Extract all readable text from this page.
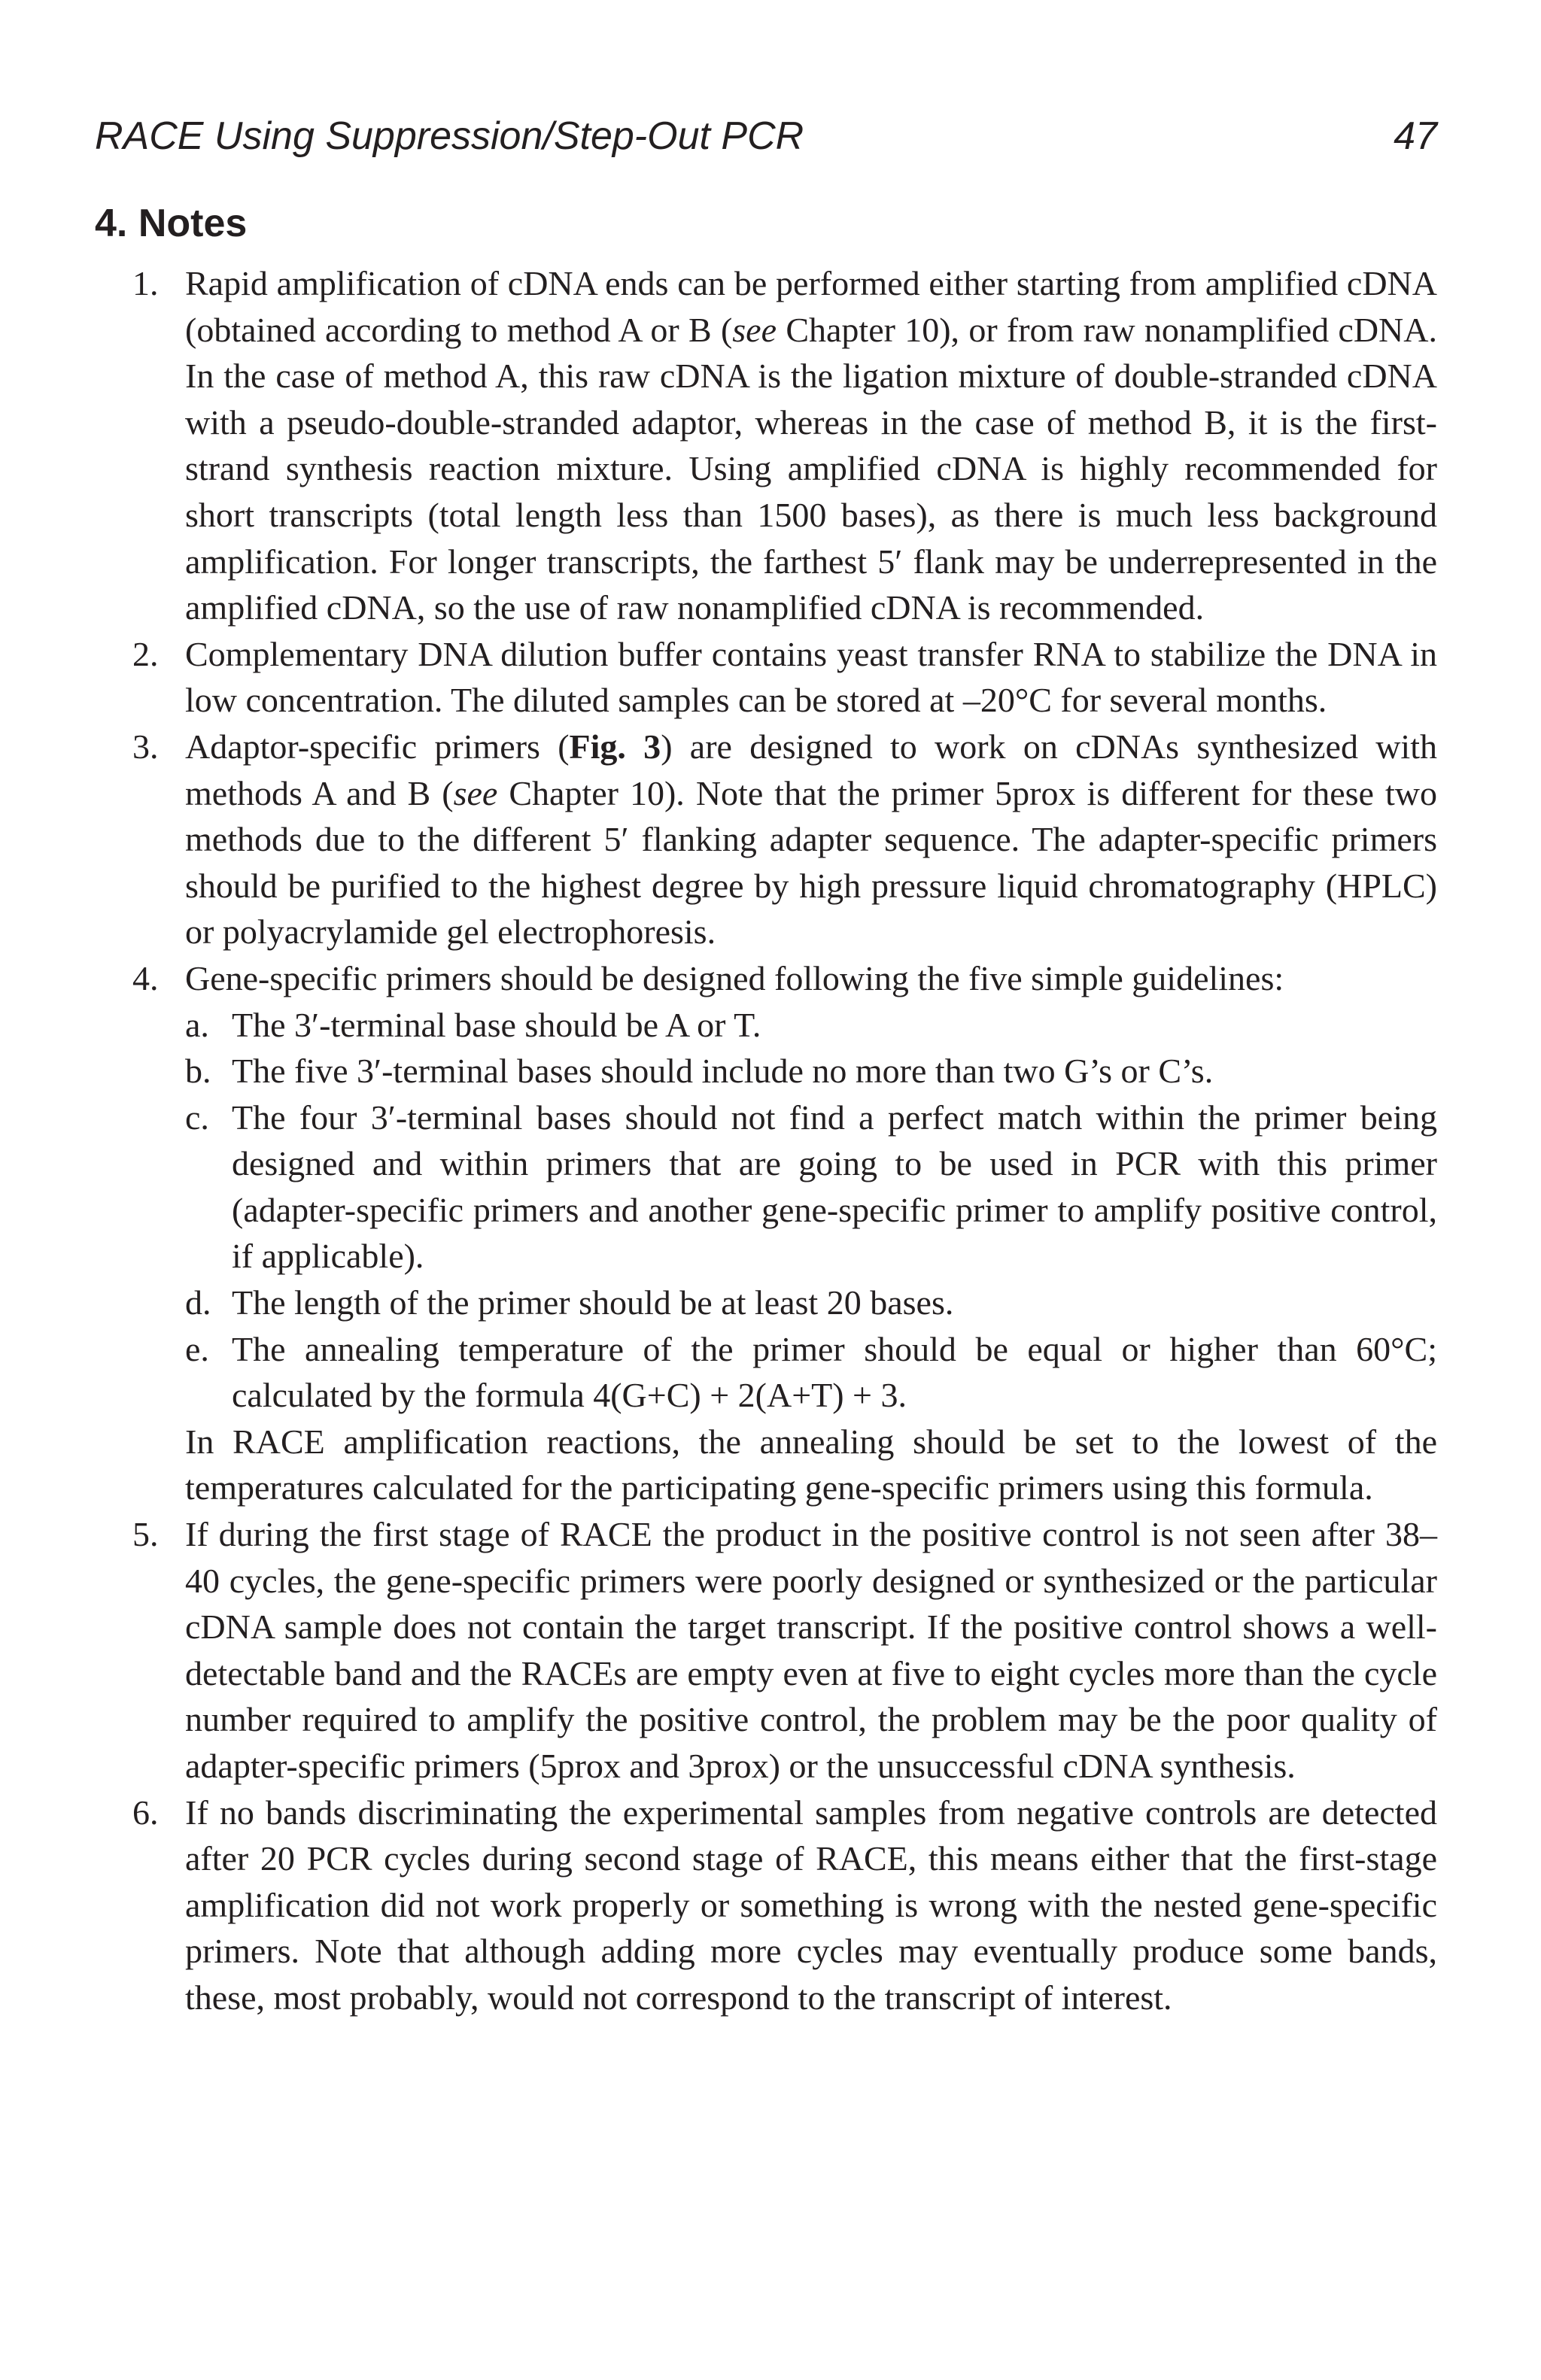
RACE Using Suppression/Step-Out PCR	47
4. Notes
1. Rapid amplification of cDNA ends can be performed either starting from amplified cDNA (obtained according to method A or B (see Chapter 10), or from raw nonamplified cDNA. In the case of method A, this raw cDNA is the ligation mixture of double-stranded cDNA with a pseudo-double-stranded adaptor, whereas in the case of method B, it is the first-strand synthesis reaction mixture. Using amplified cDNA is highly recommended for short transcripts (total length less than 1500 bases), as there is much less background amplification. For longer transcripts, the farthest 5′ flank may be underrepresented in the amplified cDNA, so the use of raw nonamplified cDNA is recommended.
2. Complementary DNA dilution buffer contains yeast transfer RNA to stabilize the DNA in low concentration. The diluted samples can be stored at –20°C for several months.
3. Adaptor-specific primers (Fig. 3) are designed to work on cDNAs synthesized with methods A and B (see Chapter 10). Note that the primer 5prox is different for these two methods due to the different 5′ flanking adapter sequence. The adapter-specific primers should be purified to the highest degree by high pressure liquid chromatography (HPLC) or polyacrylamide gel electrophoresis.
4. Gene-specific primers should be designed following the five simple guidelines:
a. The 3′-terminal base should be A or T.
b. The five 3′-terminal bases should include no more than two G’s or C’s.
c. The four 3′-terminal bases should not find a perfect match within the primer being designed and within primers that are going to be used in PCR with this primer (adapter-specific primers and another gene-specific primer to amplify positive control, if applicable).
d. The length of the primer should be at least 20 bases.
e. The annealing temperature of the primer should be equal or higher than 60°C; calculated by the formula 4(G+C) + 2(A+T) + 3.
In RACE amplification reactions, the annealing should be set to the lowest of the temperatures calculated for the participating gene-specific primers using this formula.
5. If during the first stage of RACE the product in the positive control is not seen after 38–40 cycles, the gene-specific primers were poorly designed or synthesized or the particular cDNA sample does not contain the target transcript. If the positive control shows a well-detectable band and the RACEs are empty even at five to eight cycles more than the cycle number required to amplify the positive control, the problem may be the poor quality of adapter-specific primers (5prox and 3prox) or the unsuccessful cDNA synthesis.
6. If no bands discriminating the experimental samples from negative controls are detected after 20 PCR cycles during second stage of RACE, this means either that the first-stage amplification did not work properly or something is wrong with the nested gene-specific primers. Note that although adding more cycles may eventually produce some bands, these, most probably, would not correspond to the transcript of interest.
